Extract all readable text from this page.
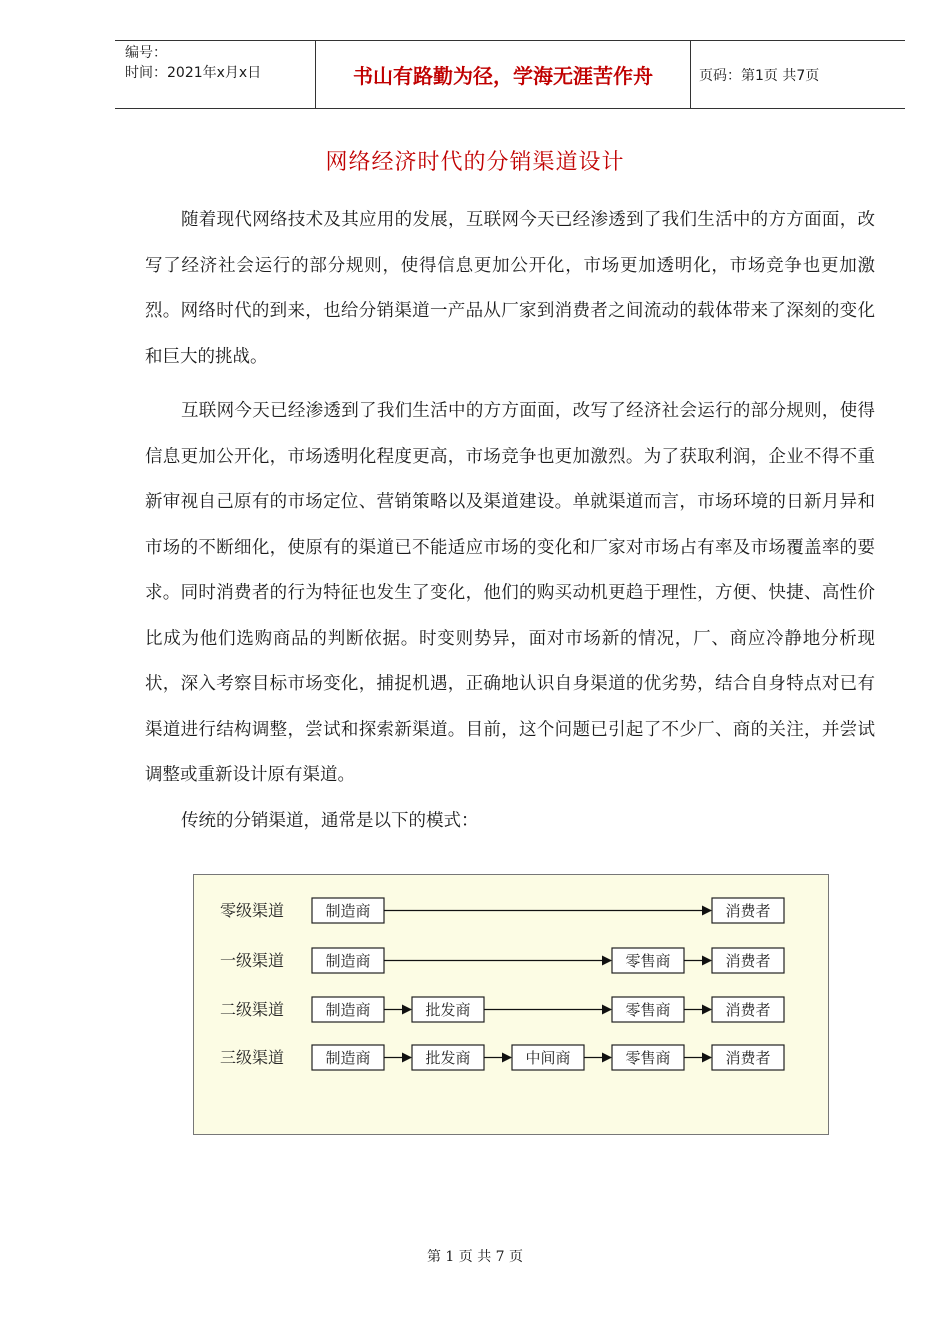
编号：
时间：2021年x月x日	书山有路勤为径，学海无涯苦作舟	页码：第1页 共7页
网络经济时代的分销渠道设计

随着现代网络技术及其应用的发展，互联网今天已经渗透到了我们生活中的方方面面，改写了经济社会运行的部分规则，使得信息更加公开化，市场更加透明化，市场竞争也更加激烈。网络时代的到来，也给分销渠道一产品从厂家到消费者之间流动的载体带来了深刻的变化和巨大的挑战。

互联网今天已经渗透到了我们生活中的方方面面，改写了经济社会运行的部分规则，使得信息更加公开化，市场透明化程度更高，市场竞争也更加激烈。为了获取利润，企业不得不重新审视自己原有的市场定位、营销策略以及渠道建设。单就渠道而言，市场环境的日新月异和市场的不断细化，使原有的渠道已不能适应市场的变化和厂家对市场占有率及市场覆盖率的要求。同时消费者的行为特征也发生了变化，他们的购买动机更趋于理性，方便、快捷、高性价比成为他们选购商品的判断依据。时变则势异，面对市场新的情况，厂、商应冷静地分析现状，深入考察目标市场变化，捕捉机遇，正确地认识自身渠道的优劣势，结合自身特点对已有渠道进行结构调整，尝试和探索新渠道。目前，这个问题已引起了不少厂、商的关注，并尝试调整或重新设计原有渠道。

传统的分销渠道，通常是以下的模式：

零级渠道	制造商	消费者
一级渠道	制造商	零售商	消费者
二级渠道	制造商	批发商	零售商	消费者
三级渠道	制造商	批发商	中间商	零售商	消费者
第 1 页 共 7 页
